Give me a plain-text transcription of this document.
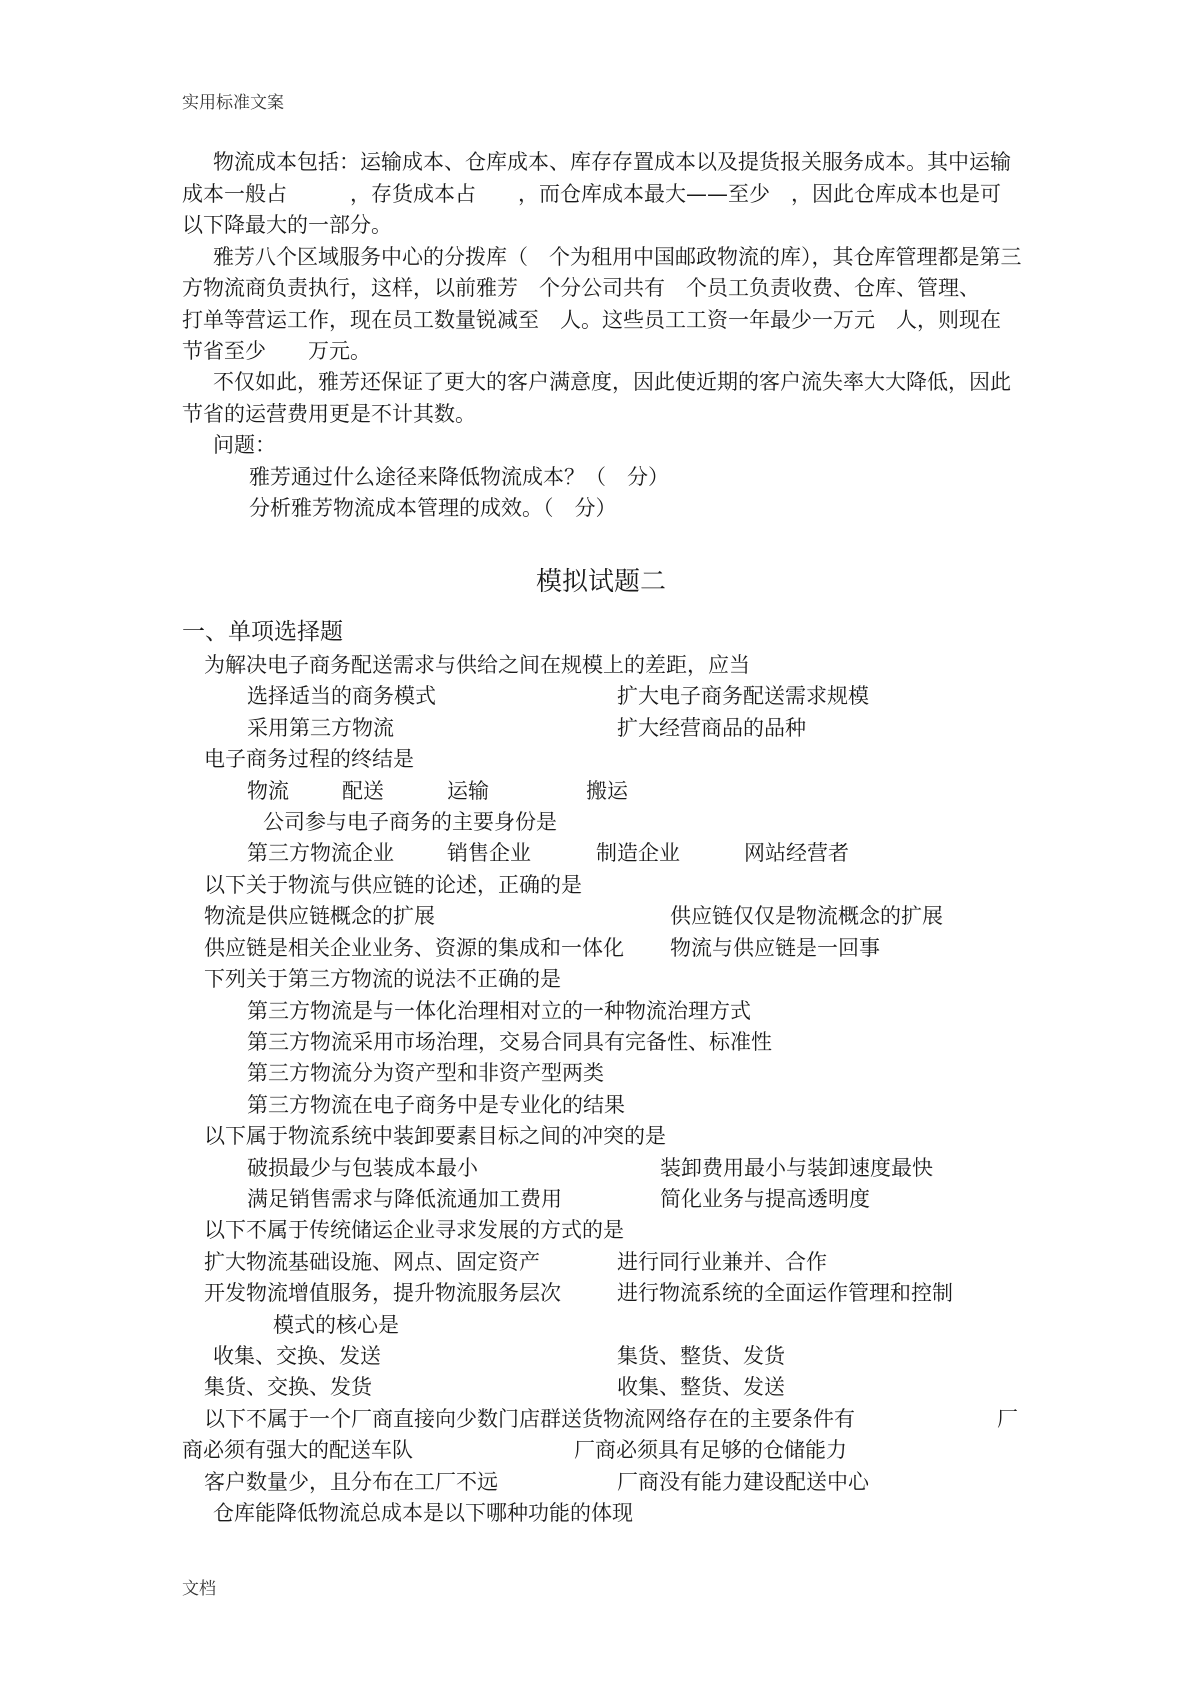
实用标准文案
物流成本包括：运输成本、仓库成本、库存存置成本以及提货报关服务成本。其中运输
成本一般占　　　，存货成本占　　，而仓库成本最大——至少　，因此仓库成本也是可
以下降最大的一部分。
雅芳八个区域服务中心的分拨库（　个为租用中国邮政物流的库），其仓库管理都是第三
方物流商负责执行，这样，以前雅芳　个分公司共有　个员工负责收费、仓库、管理、
打单等营运工作，现在员工数量锐减至　人。这些员工工资一年最少一万元　人，则现在
节省至少　　万元。
不仅如此，雅芳还保证了更大的客户满意度，因此使近期的客户流失率大大降低，因此
节省的运营费用更是不计其数。
问题：
雅芳通过什么途径来降低物流成本？（　分）
分析雅芳物流成本管理的成效。（　分）
模拟试题二
一、单项选择题
为解决电子商务配送需求与供给之间在规模上的差距，应当
选择适当的商务模式	扩大电子商务配送需求规模
采用第三方物流	扩大经营商品的品种
电子商务过程的终结是
物流	配送	运输	搬运
公司参与电子商务的主要身份是
第三方物流企业	销售企业	制造企业	网站经营者
以下关于物流与供应链的论述，正确的是
物流是供应链概念的扩展	供应链仅仅是物流概念的扩展
供应链是相关企业业务、资源的集成和一体化 物流与供应链是一回事
下列关于第三方物流的说法不正确的是
第三方物流是与一体化治理相对立的一种物流治理方式
第三方物流采用市场治理，交易合同具有完备性、标准性
第三方物流分为资产型和非资产型两类
第三方物流在电子商务中是专业化的结果
以下属于物流系统中装卸要素目标之间的冲突的是
破损最少与包装成本最小	装卸费用最小与装卸速度最快
满足销售需求与降低流通加工费用	简化业务与提高透明度
以下不属于传统储运企业寻求发展的方式的是
扩大物流基础设施、网点、固定资产	进行同行业兼并、合作
开发物流增值服务，提升物流服务层次	进行物流系统的全面运作管理和控制
模式的核心是
收集、交换、发送	集货、整货、发货
集货、交换、发货	收集、整货、发送
以下不属于一个厂商直接向少数门店群送货物流网络存在的主要条件有	厂
商必须有强大的配送车队	厂商必须具有足够的仓储能力
客户数量少，且分布在工厂不远	厂商没有能力建设配送中心
仓库能降低物流总成本是以下哪种功能的体现
文档
